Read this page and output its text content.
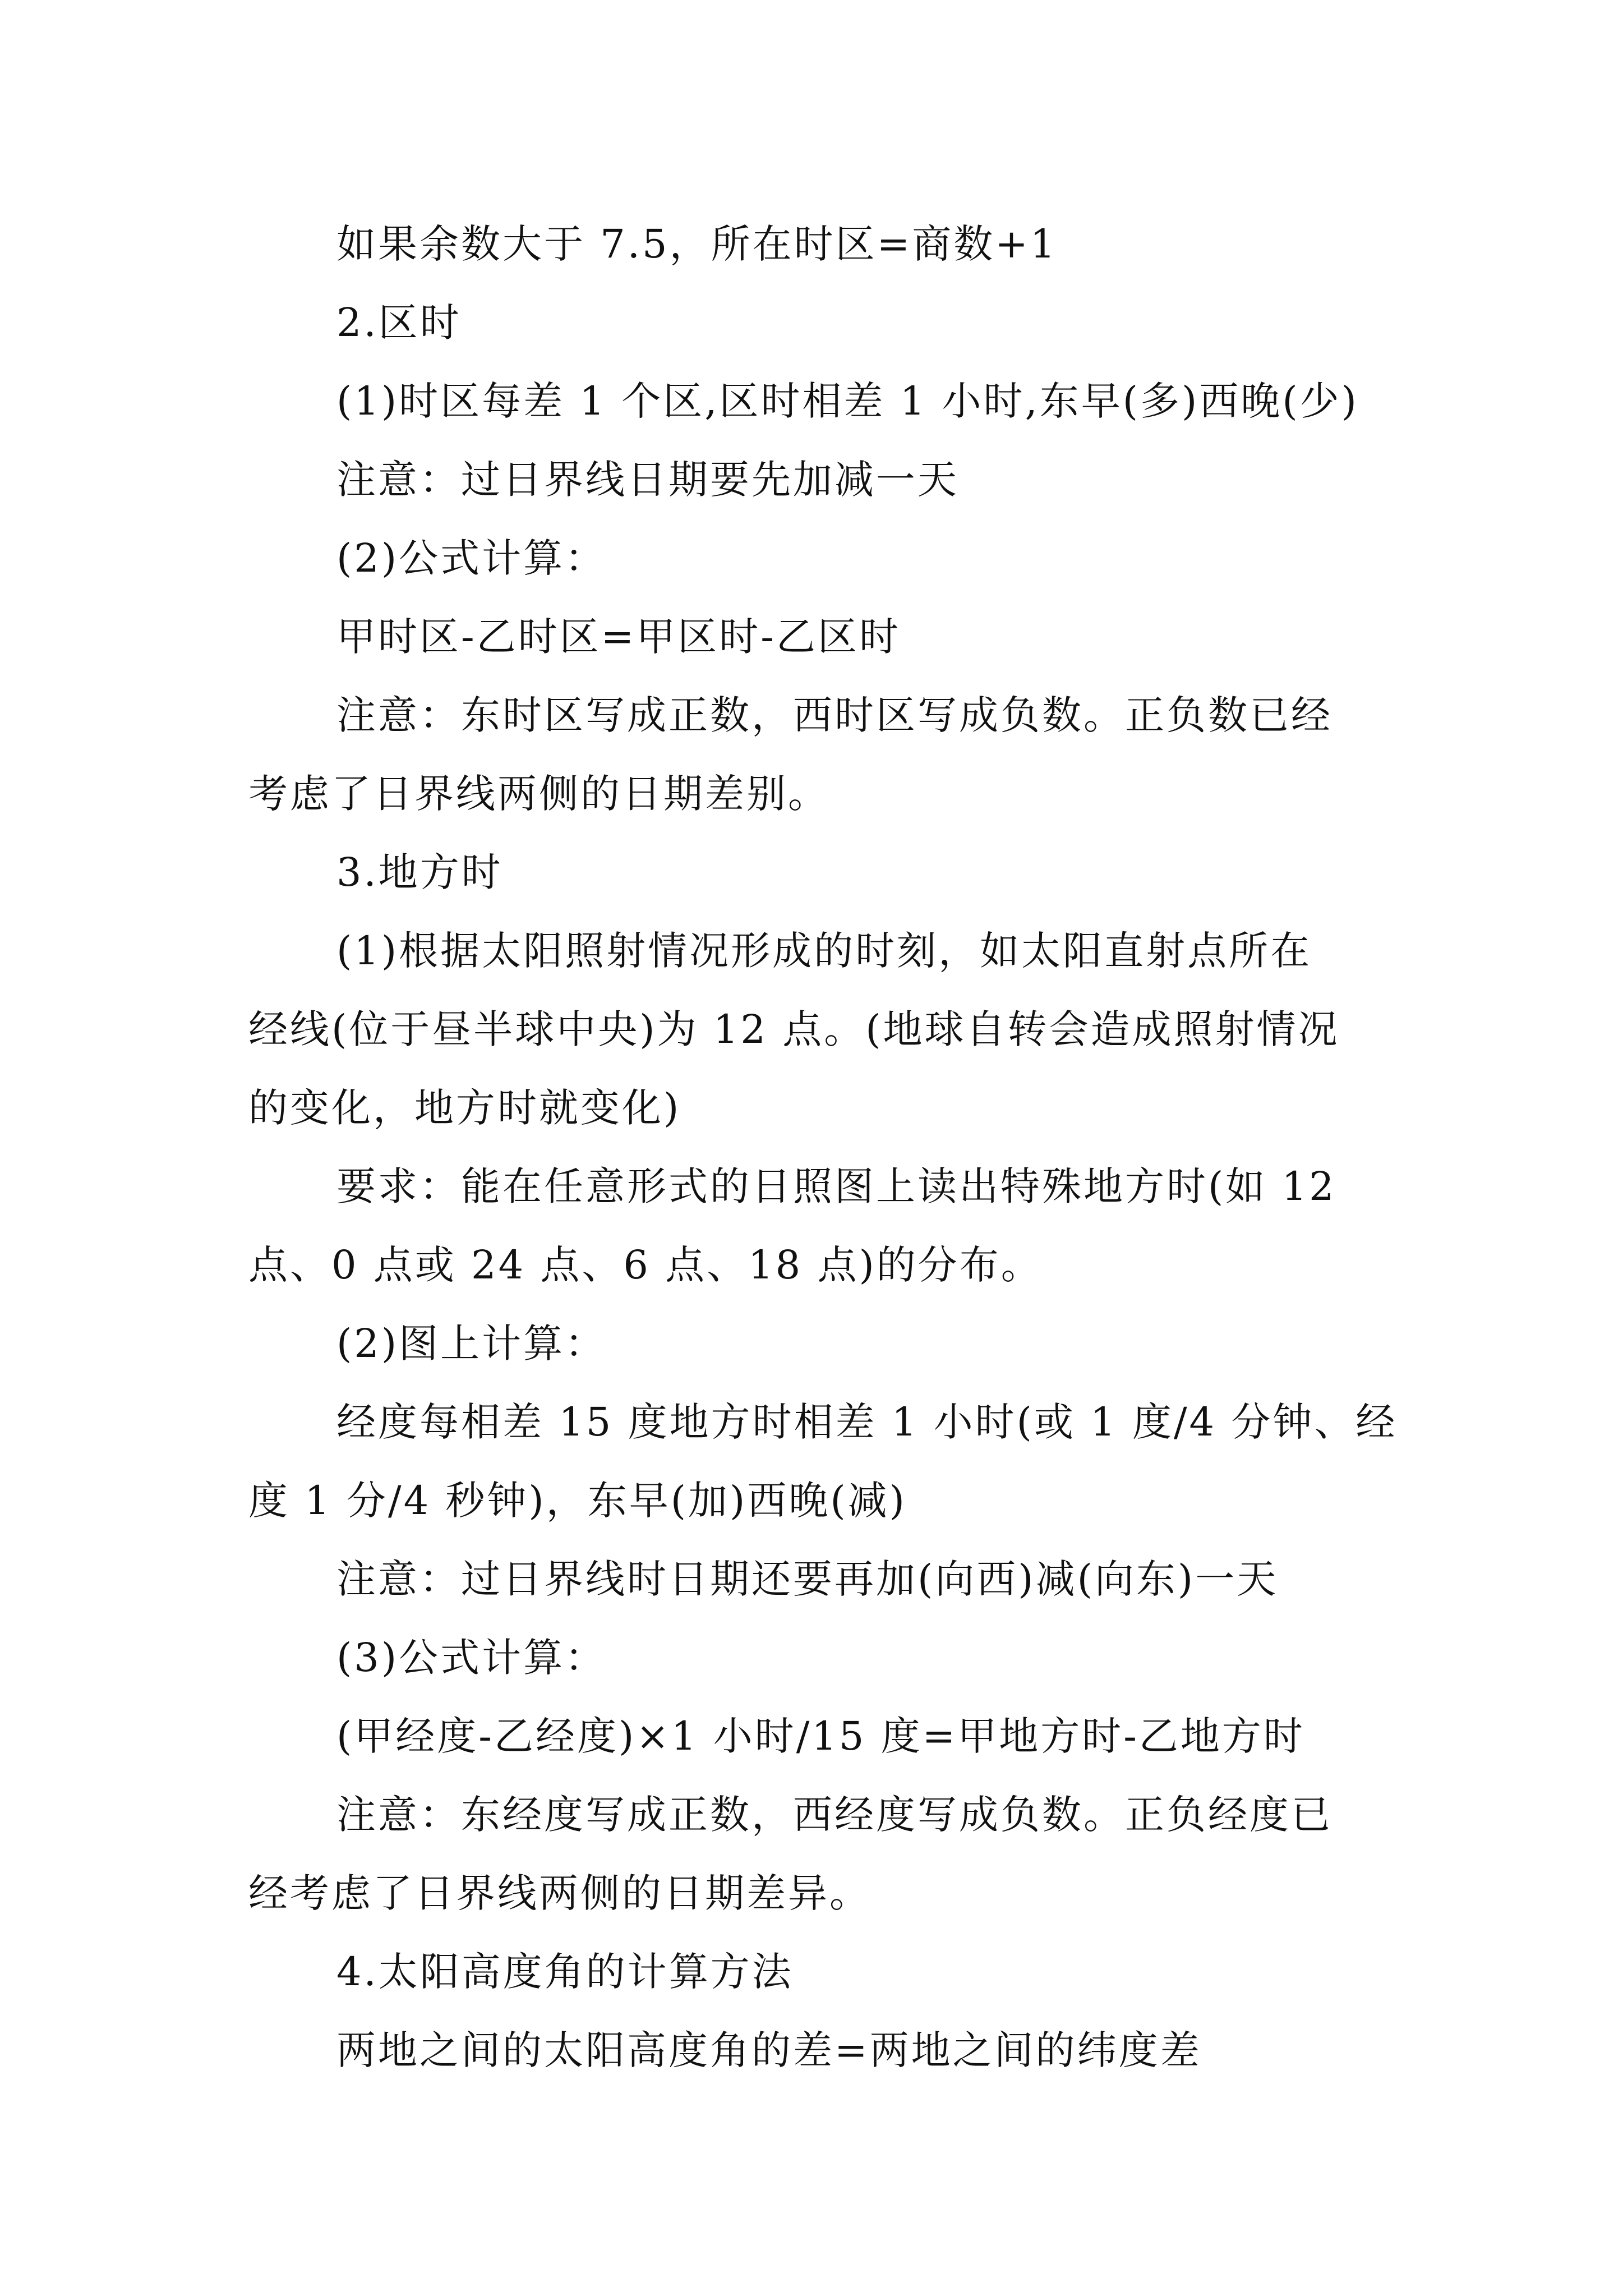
如果余数大于 7.5，所在时区=商数+1
2.区时
(1)时区每差 1 个区,区时相差 1 小时,东早(多)西晚(少)
注意：过日界线日期要先加减一天
(2)公式计算：
甲时区-乙时区=甲区时-乙区时
注意：东时区写成正数，西时区写成负数。正负数已经
考虑了日界线两侧的日期差别。
3.地方时
(1)根据太阳照射情况形成的时刻，如太阳直射点所在
经线(位于昼半球中央)为 12 点。(地球自转会造成照射情况
的变化，地方时就变化)
要求：能在任意形式的日照图上读出特殊地方时(如 12
点、0 点或 24 点、6 点、18 点)的分布。
(2)图上计算：
经度每相差 15 度地方时相差 1 小时(或 1 度/4 分钟、经
度 1 分/4 秒钟)，东早(加)西晚(减)
注意：过日界线时日期还要再加(向西)减(向东)一天
(3)公式计算：
(甲经度-乙经度)×1 小时/15 度=甲地方时-乙地方时
注意：东经度写成正数，西经度写成负数。正负经度已
经考虑了日界线两侧的日期差异。
4.太阳高度角的计算方法
两地之间的太阳高度角的差=两地之间的纬度差
